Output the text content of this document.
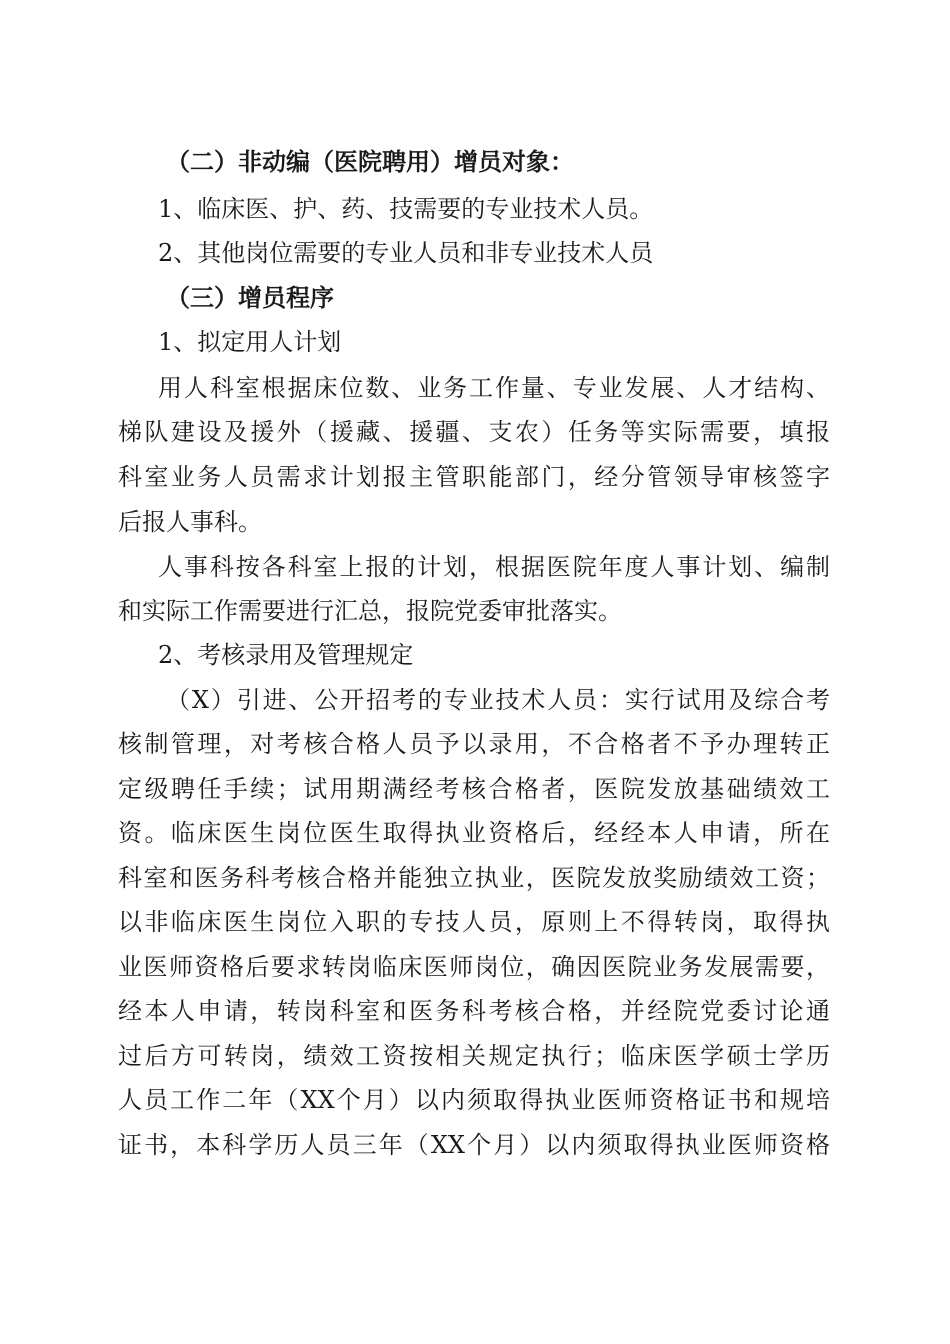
（二）非动编（医院聘用）增员对象：
1、临床医、护、药、技需要的专业技术人员。
2、其他岗位需要的专业人员和非专业技术人员
（三）增员程序
1、拟定用人计划
用人科室根据床位数、业务工作量、专业发展、人才结构、
梯队建设及援外（援藏、援疆、支农）任务等实际需要，填报
科室业务人员需求计划报主管职能部门，经分管领导审核签字
后报人事科。
人事科按各科室上报的计划，根据医院年度人事计划、编制
和实际工作需要进行汇总，报院党委审批落实。
2、考核录用及管理规定
（X）引进、公开招考的专业技术人员：实行试用及综合考
核制管理，对考核合格人员予以录用，不合格者不予办理转正
定级聘任手续；试用期满经考核合格者，医院发放基础绩效工
资。临床医生岗位医生取得执业资格后，经经本人申请，所在
科室和医务科考核合格并能独立执业，医院发放奖励绩效工资；
以非临床医生岗位入职的专技人员，原则上不得转岗，取得执
业医师资格后要求转岗临床医师岗位，确因医院业务发展需要，
经本人申请，转岗科室和医务科考核合格，并经院党委讨论通
过后方可转岗，绩效工资按相关规定执行；临床医学硕士学历
人员工作二年（XX个月）以内须取得执业医师资格证书和规培
证书，本科学历人员三年（XX个月）以内须取得执业医师资格
